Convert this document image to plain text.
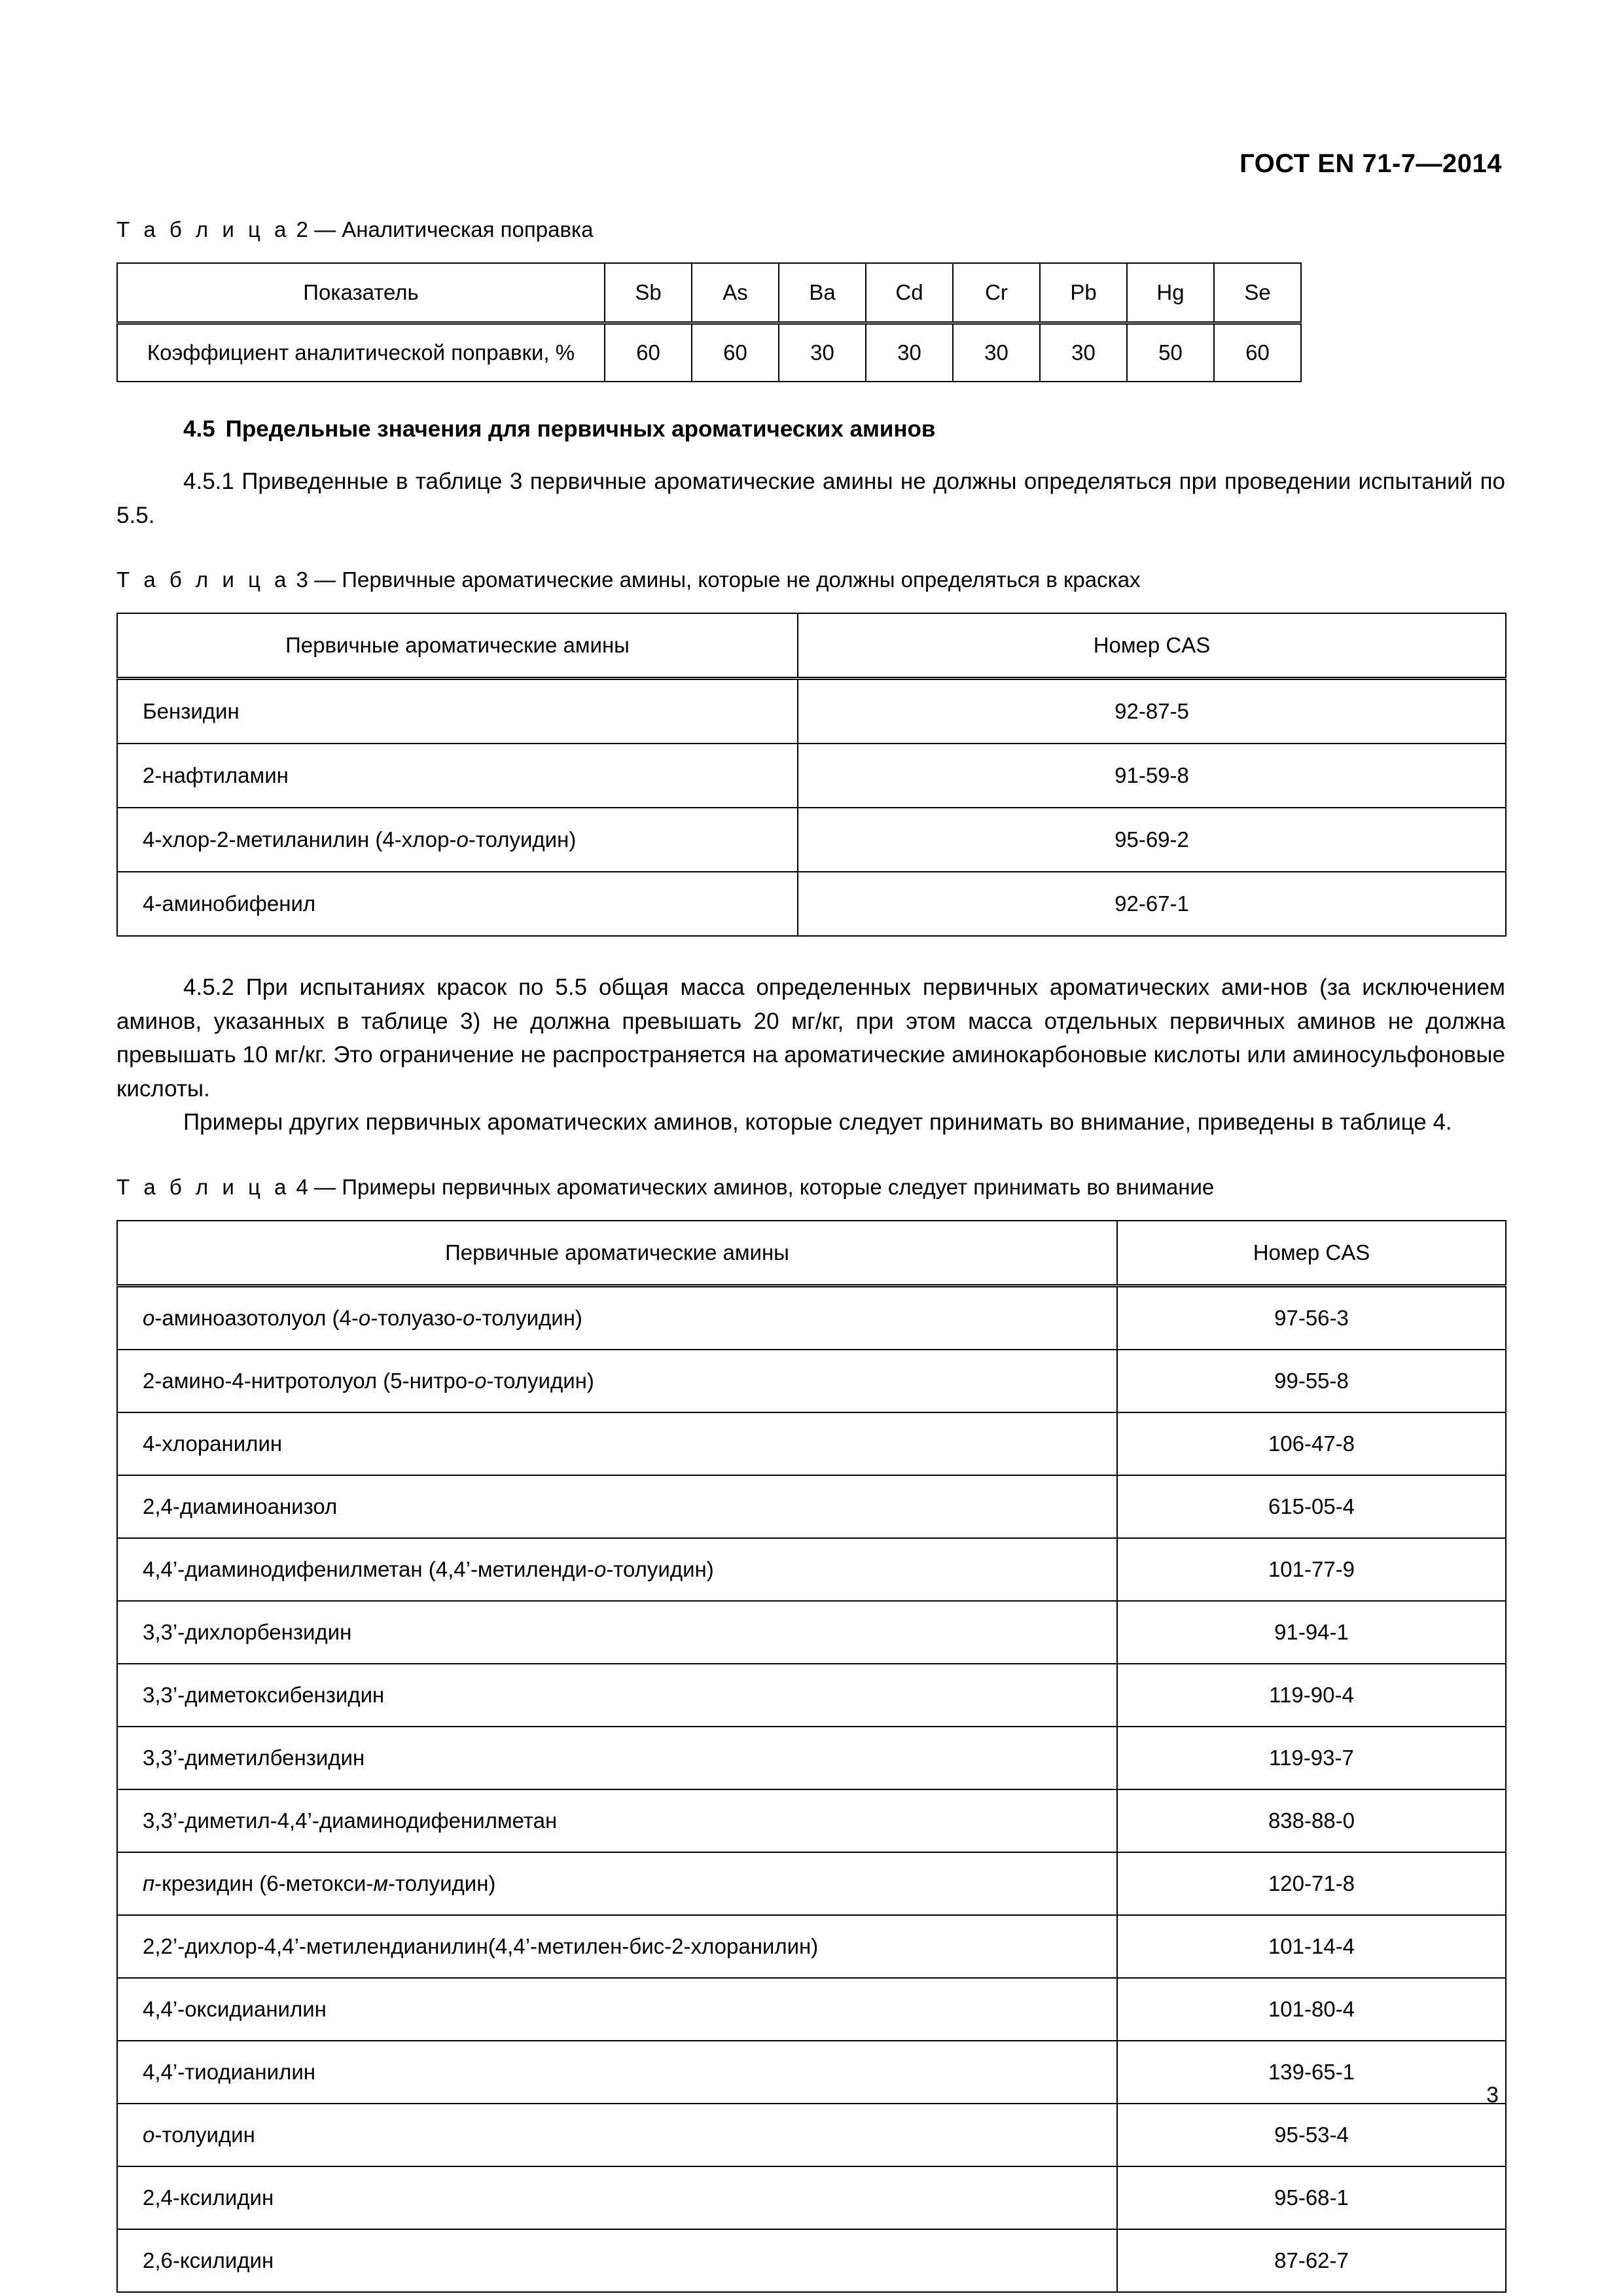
ГОСТ EN 71-7—2014
Т а б л и ц а 2 — Аналитическая поправка
Показатель	Sb	As	Ba	Cd	Cr	Pb	Hg	Se
Коэффициент аналитической поправки, %	60	60	30	30	30	30	50	60
4.5 Предельные значения для первичных ароматических аминов

4.5.1 Приведенные в таблице 3 первичные ароматические амины не должны определяться при проведении испытаний по 5.5.

Т а б л и ц а 3 — Первичные ароматические амины, которые не должны определяться в красках
Первичные ароматические амины	Номер CAS
Бензидин	92-87-5
2-нафтиламин	91-59-8
4-хлор-2-метиланилин (4-хлор-о-толуидин)	95-69-2
4-аминобифенил	92-67-1

4.5.2 При испытаниях красок по 5.5 общая масса определенных первичных ароматических ами-нов (за исключением аминов, указанных в таблице 3) не должна превышать 20 мг/кг, при этом масса отдельных первичных аминов не должна превышать 10 мг/кг. Это ограничение не распространяется на ароматические аминокарбоновые кислоты или аминосульфоновые кислоты.

Примеры других первичных ароматических аминов, которые следует принимать во внимание, приведены в таблице 4.

Т а б л и ц а 4 — Примеры первичных ароматических аминов, которые следует принимать во внимание
Первичные ароматические амины	Номер CAS
о-аминоазотолуол (4-о-толуазо-о-толуидин)	97-56-3
2-амино-4-нитротолуол (5-нитро-о-толуидин)	99-55-8
4-хлоранилин	106-47-8
2,4-диаминоанизол	615-05-4
4,4’-диаминодифенилметан (4,4’-метиленди-о-толуидин)	101-77-9
3,3’-дихлорбензидин	91-94-1
3,3’-диметоксибензидин	119-90-4
3,3’-диметилбензидин	119-93-7
3,3’-диметил-4,4’-диаминодифенилметан	838-88-0
п-крезидин (6-метокси-м-толуидин)	120-71-8
2,2’-дихлор-4,4’-метилендианилин(4,4’-метилен-бис-2-хлоранилин)	101-14-4
4,4’-оксидианилин	101-80-4
4,4’-тиодианилин	139-65-1
о-толуидин	95-53-4
2,4-ксилидин	95-68-1
2,6-ксилидин	87-62-7
3
